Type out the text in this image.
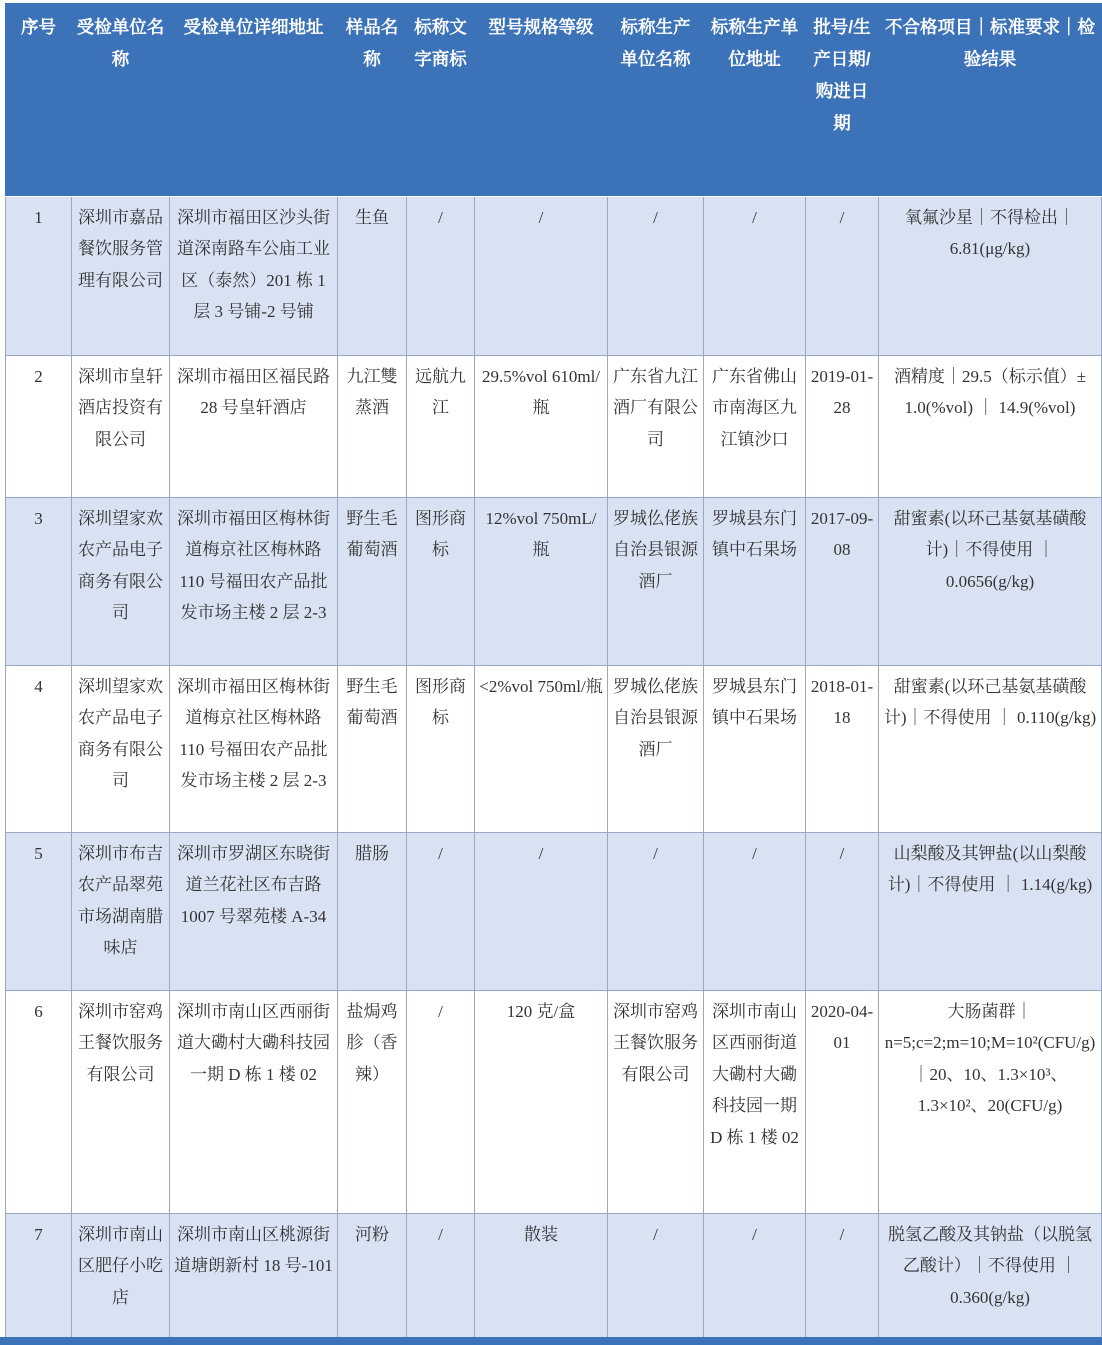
序号	受检单位名称	受检单位详细地址	样品名称	标称文字商标	型号规格等级	标称生产单位名称	标称生产单位地址	批号/生产日期/购进日期	不合格项目｜标准要求｜检验结果
1	深圳市嘉品餐饮服务管理有限公司	深圳市福田区沙头街道深南路车公庙工业区（泰然）201 栋 1 层 3 号铺-2 号铺	生鱼	/	/	/	/	/	氧氟沙星｜不得检出｜ 6.81(μg/kg)
2	深圳市皇轩酒店投资有限公司	深圳市福田区福民路 28 号皇轩酒店	九江雙蒸酒	远航九江	29.5%vol 610ml/瓶	广东省九江酒厂有限公司	广东省佛山市南海区九江镇沙口	2019-01-28	酒精度｜29.5（标示值）± 1.0(%vol) ｜ 14.9(%vol)
3	深圳望家欢农产品电子商务有限公司	深圳市福田区梅林街道梅京社区梅林路 110 号福田农产品批发市场主楼 2 层 2-3	野生毛葡萄酒	图形商标	12%vol 750mL/瓶	罗城仫佬族自治县银源酒厂	罗城县东门镇中石果场	2017-09-08	甜蜜素(以环己基氨基磺酸计)｜不得使用 ｜ 0.0656(g/kg)
4	深圳望家欢农产品电子商务有限公司	深圳市福田区梅林街道梅京社区梅林路 110 号福田农产品批发市场主楼 2 层 2-3	野生毛葡萄酒	图形商标	<2%vol 750ml/瓶	罗城仫佬族自治县银源酒厂	罗城县东门镇中石果场	2018-01-18	甜蜜素(以环己基氨基磺酸计)｜不得使用 ｜ 0.110(g/kg)
5	深圳市布吉农产品翠苑市场湖南腊味店	深圳市罗湖区东晓街道兰花社区布吉路 1007 号翠苑楼 A-34	腊肠	/	/	/	/	/	山梨酸及其钾盐(以山梨酸计)｜不得使用 ｜ 1.14(g/kg)
6	深圳市窑鸡王餐饮服务有限公司	深圳市南山区西丽街道大磡村大磡科技园一期 D 栋 1 楼 02	盐焗鸡胗（香辣）	/	120 克/盒	深圳市窑鸡王餐饮服务有限公司	深圳市南山区西丽街道大磡村大磡科技园一期 D 栋 1 楼 02	2020-04-01	大肠菌群｜n=5;c=2;m=10;M=10²(CFU/g)｜20、10、1.3×10³、1.3×10²、20(CFU/g)
7	深圳市南山区肥仔小吃店	深圳市南山区桃源街道塘朗新村 18 号-101	河粉	/	散装	/	/	/	脱氢乙酸及其钠盐（以脱氢乙酸计）｜不得使用 ｜ 0.360(g/kg)
